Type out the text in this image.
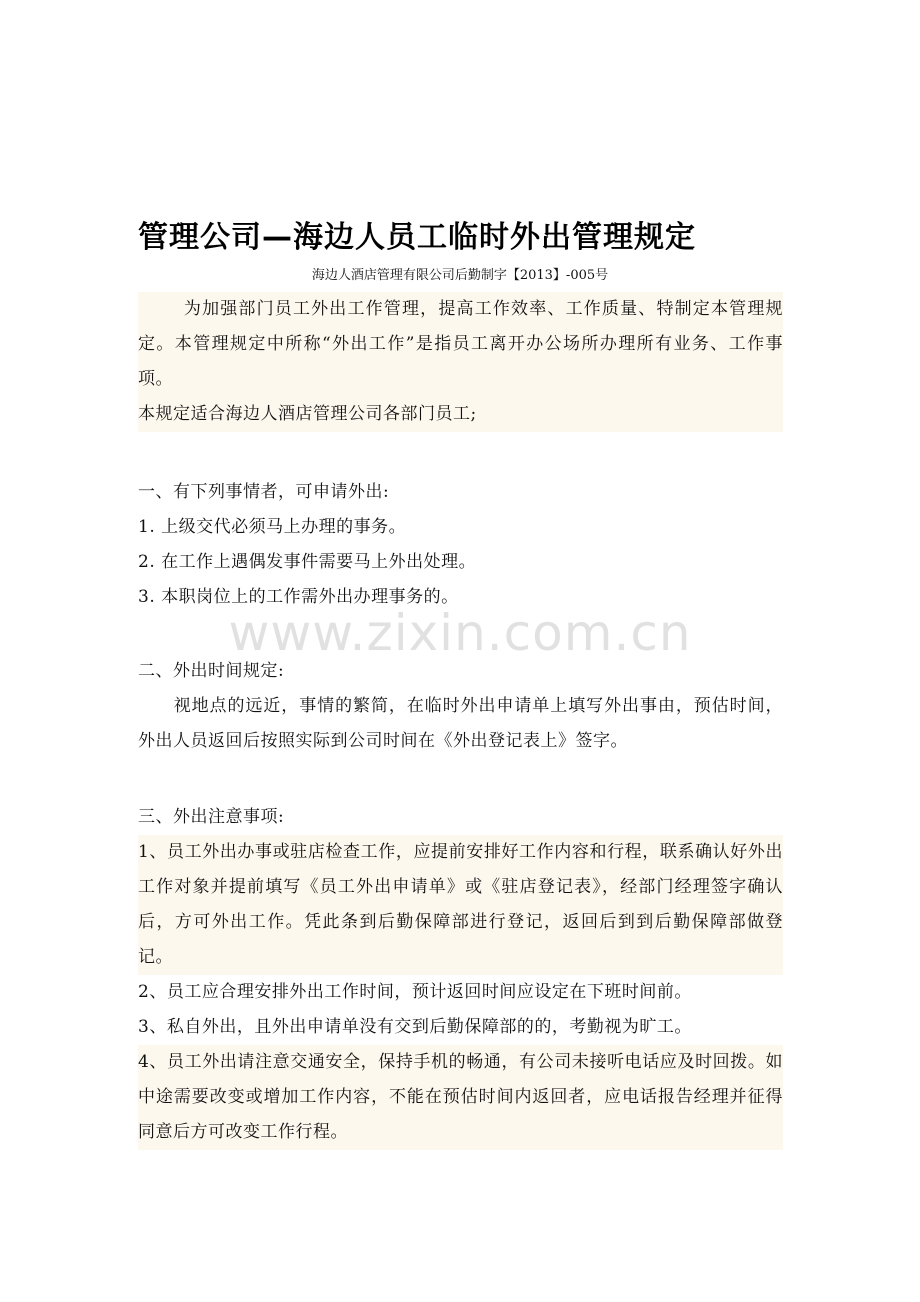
管理公司—海边人员工临时外出管理规定
海边人酒店管理有限公司后勤制字【2013】-005号

为加强部门员工外出工作管理，提高工作效率、工作质量、特制定本管理规定。本管理规定中所称“外出工作”是指员工离开办公场所办理所有业务、工作事项。

本规定适合海边人酒店管理公司各部门员工;

一、有下列事情者，可申请外出:

1. 上级交代必须马上办理的事务。

2. 在工作上遇偶发事件需要马上外出处理。

3. 本职岗位上的工作需外出办理事务的。

www.zixin.com.cn

二、外出时间规定:

视地点的远近，事情的繁简，在临时外出申请单上填写外出事由，预估时间，外出人员返回后按照实际到公司时间在《外出登记表上》签字。

三、外出注意事项:

1、员工外出办事或驻店检查工作，应提前安排好工作内容和行程，联系确认好外出工作对象并提前填写《员工外出申请单》或《驻店登记表》，经部门经理签字确认后，方可外出工作。凭此条到后勤保障部进行登记，返回后到到后勤保障部做登记。

2、员工应合理安排外出工作时间，预计返回时间应设定在下班时间前。

3、私自外出，且外出申请单没有交到后勤保障部的的，考勤视为旷工。

4、员工外出请注意交通安全，保持手机的畅通，有公司未接听电话应及时回拨。如中途需要改变或增加工作内容，不能在预估时间内返回者，应电话报告经理并征得同意后方可改变工作行程。
